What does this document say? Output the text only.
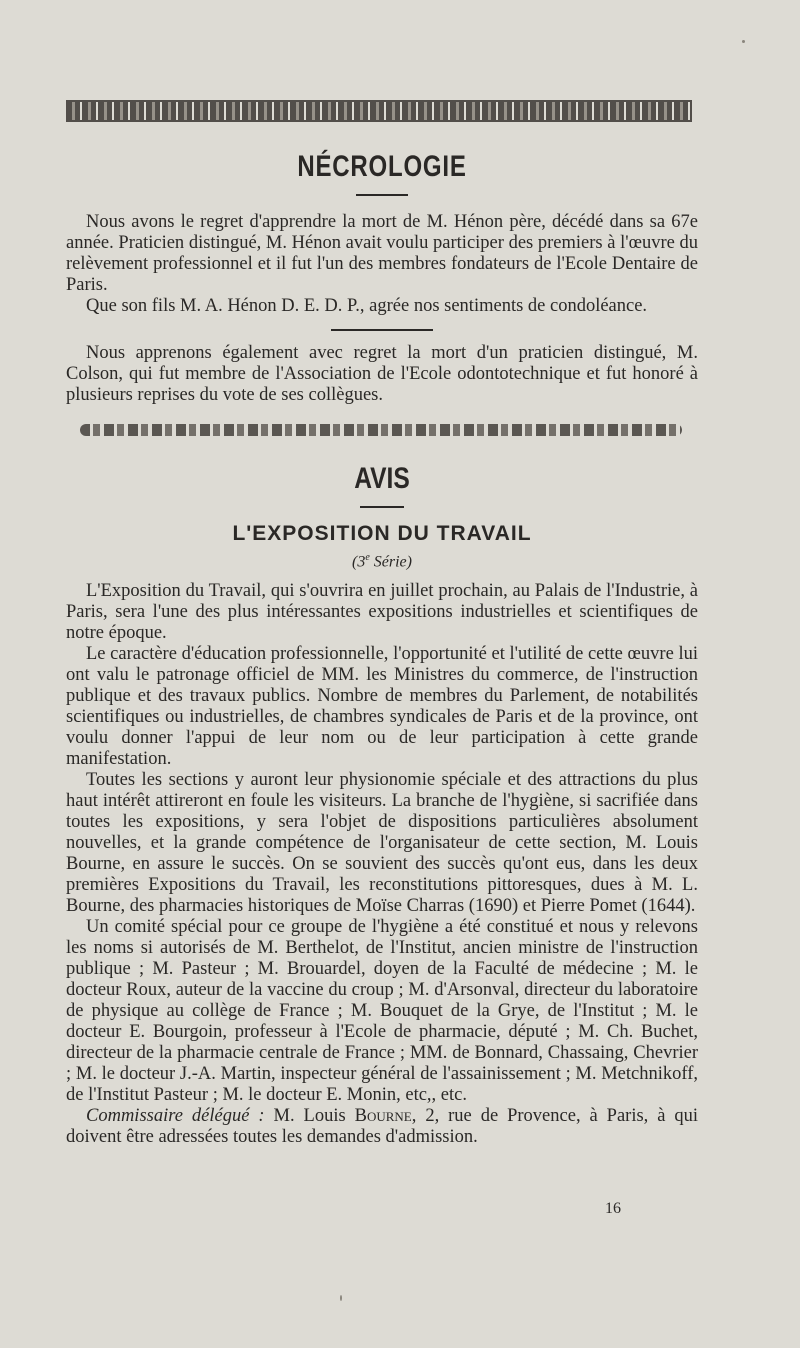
NÉCROLOGIE

Nous avons le regret d'apprendre la mort de M. Hénon père, décédé dans sa 67e année. Praticien distingué, M. Hénon avait voulu participer des premiers à l'œuvre du relèvement professionnel et il fut l'un des membres fondateurs de l'Ecole Dentaire de Paris.

Que son fils M. A. Hénon D. E. D. P., agrée nos sentiments de condoléance.

Nous apprenons également avec regret la mort d'un praticien distingué, M. Colson, qui fut membre de l'Association de l'Ecole odontotechnique et fut honoré à plusieurs reprises du vote de ses collègues.

AVIS
L'EXPOSITION DU TRAVAIL
(3e Série)

L'Exposition du Travail, qui s'ouvrira en juillet prochain, au Palais de l'Industrie, à Paris, sera l'une des plus intéressantes expositions industrielles et scientifiques de notre époque.

Le caractère d'éducation professionnelle, l'opportunité et l'utilité de cette œuvre lui ont valu le patronage officiel de MM. les Ministres du commerce, de l'instruction publique et des travaux publics. Nombre de membres du Parlement, de notabilités scientifiques ou industrielles, de chambres syndicales de Paris et de la province, ont voulu donner l'appui de leur nom ou de leur participation à cette grande manifestation.

Toutes les sections y auront leur physionomie spéciale et des attractions du plus haut intérêt attireront en foule les visiteurs. La branche de l'hygiène, si sacrifiée dans toutes les expositions, y sera l'objet de dispositions particulières absolument nouvelles, et la grande compétence de l'organisateur de cette section, M. Louis Bourne, en assure le succès. On se souvient des succès qu'ont eus, dans les deux premières Expositions du Travail, les reconstitutions pittoresques, dues à M. L. Bourne, des pharmacies historiques de Moïse Charras (1690) et Pierre Pomet (1644).

Un comité spécial pour ce groupe de l'hygiène a été constitué et nous y relevons les noms si autorisés de M. Berthelot, de l'Institut, ancien ministre de l'instruction publique ; M. Pasteur ; M. Brouardel, doyen de la Faculté de médecine ; M. le docteur Roux, auteur de la vaccine du croup ; M. d'Arsonval, directeur du laboratoire de physique au collège de France ; M. Bouquet de la Grye, de l'Institut ; M. le docteur E. Bourgoin, professeur à l'Ecole de pharmacie, député ; M. Ch. Buchet, directeur de la pharmacie centrale de France ; MM. de Bonnard, Chassaing, Chevrier ; M. le docteur J.-A. Martin, inspecteur général de l'assainissement ; M. Metchnikoff, de l'Institut Pasteur ; M. le docteur E. Monin, etc,, etc.

Commissaire délégué : M. Louis Bourne, 2, rue de Provence, à Paris, à qui doivent être adressées toutes les demandes d'admission.

16
